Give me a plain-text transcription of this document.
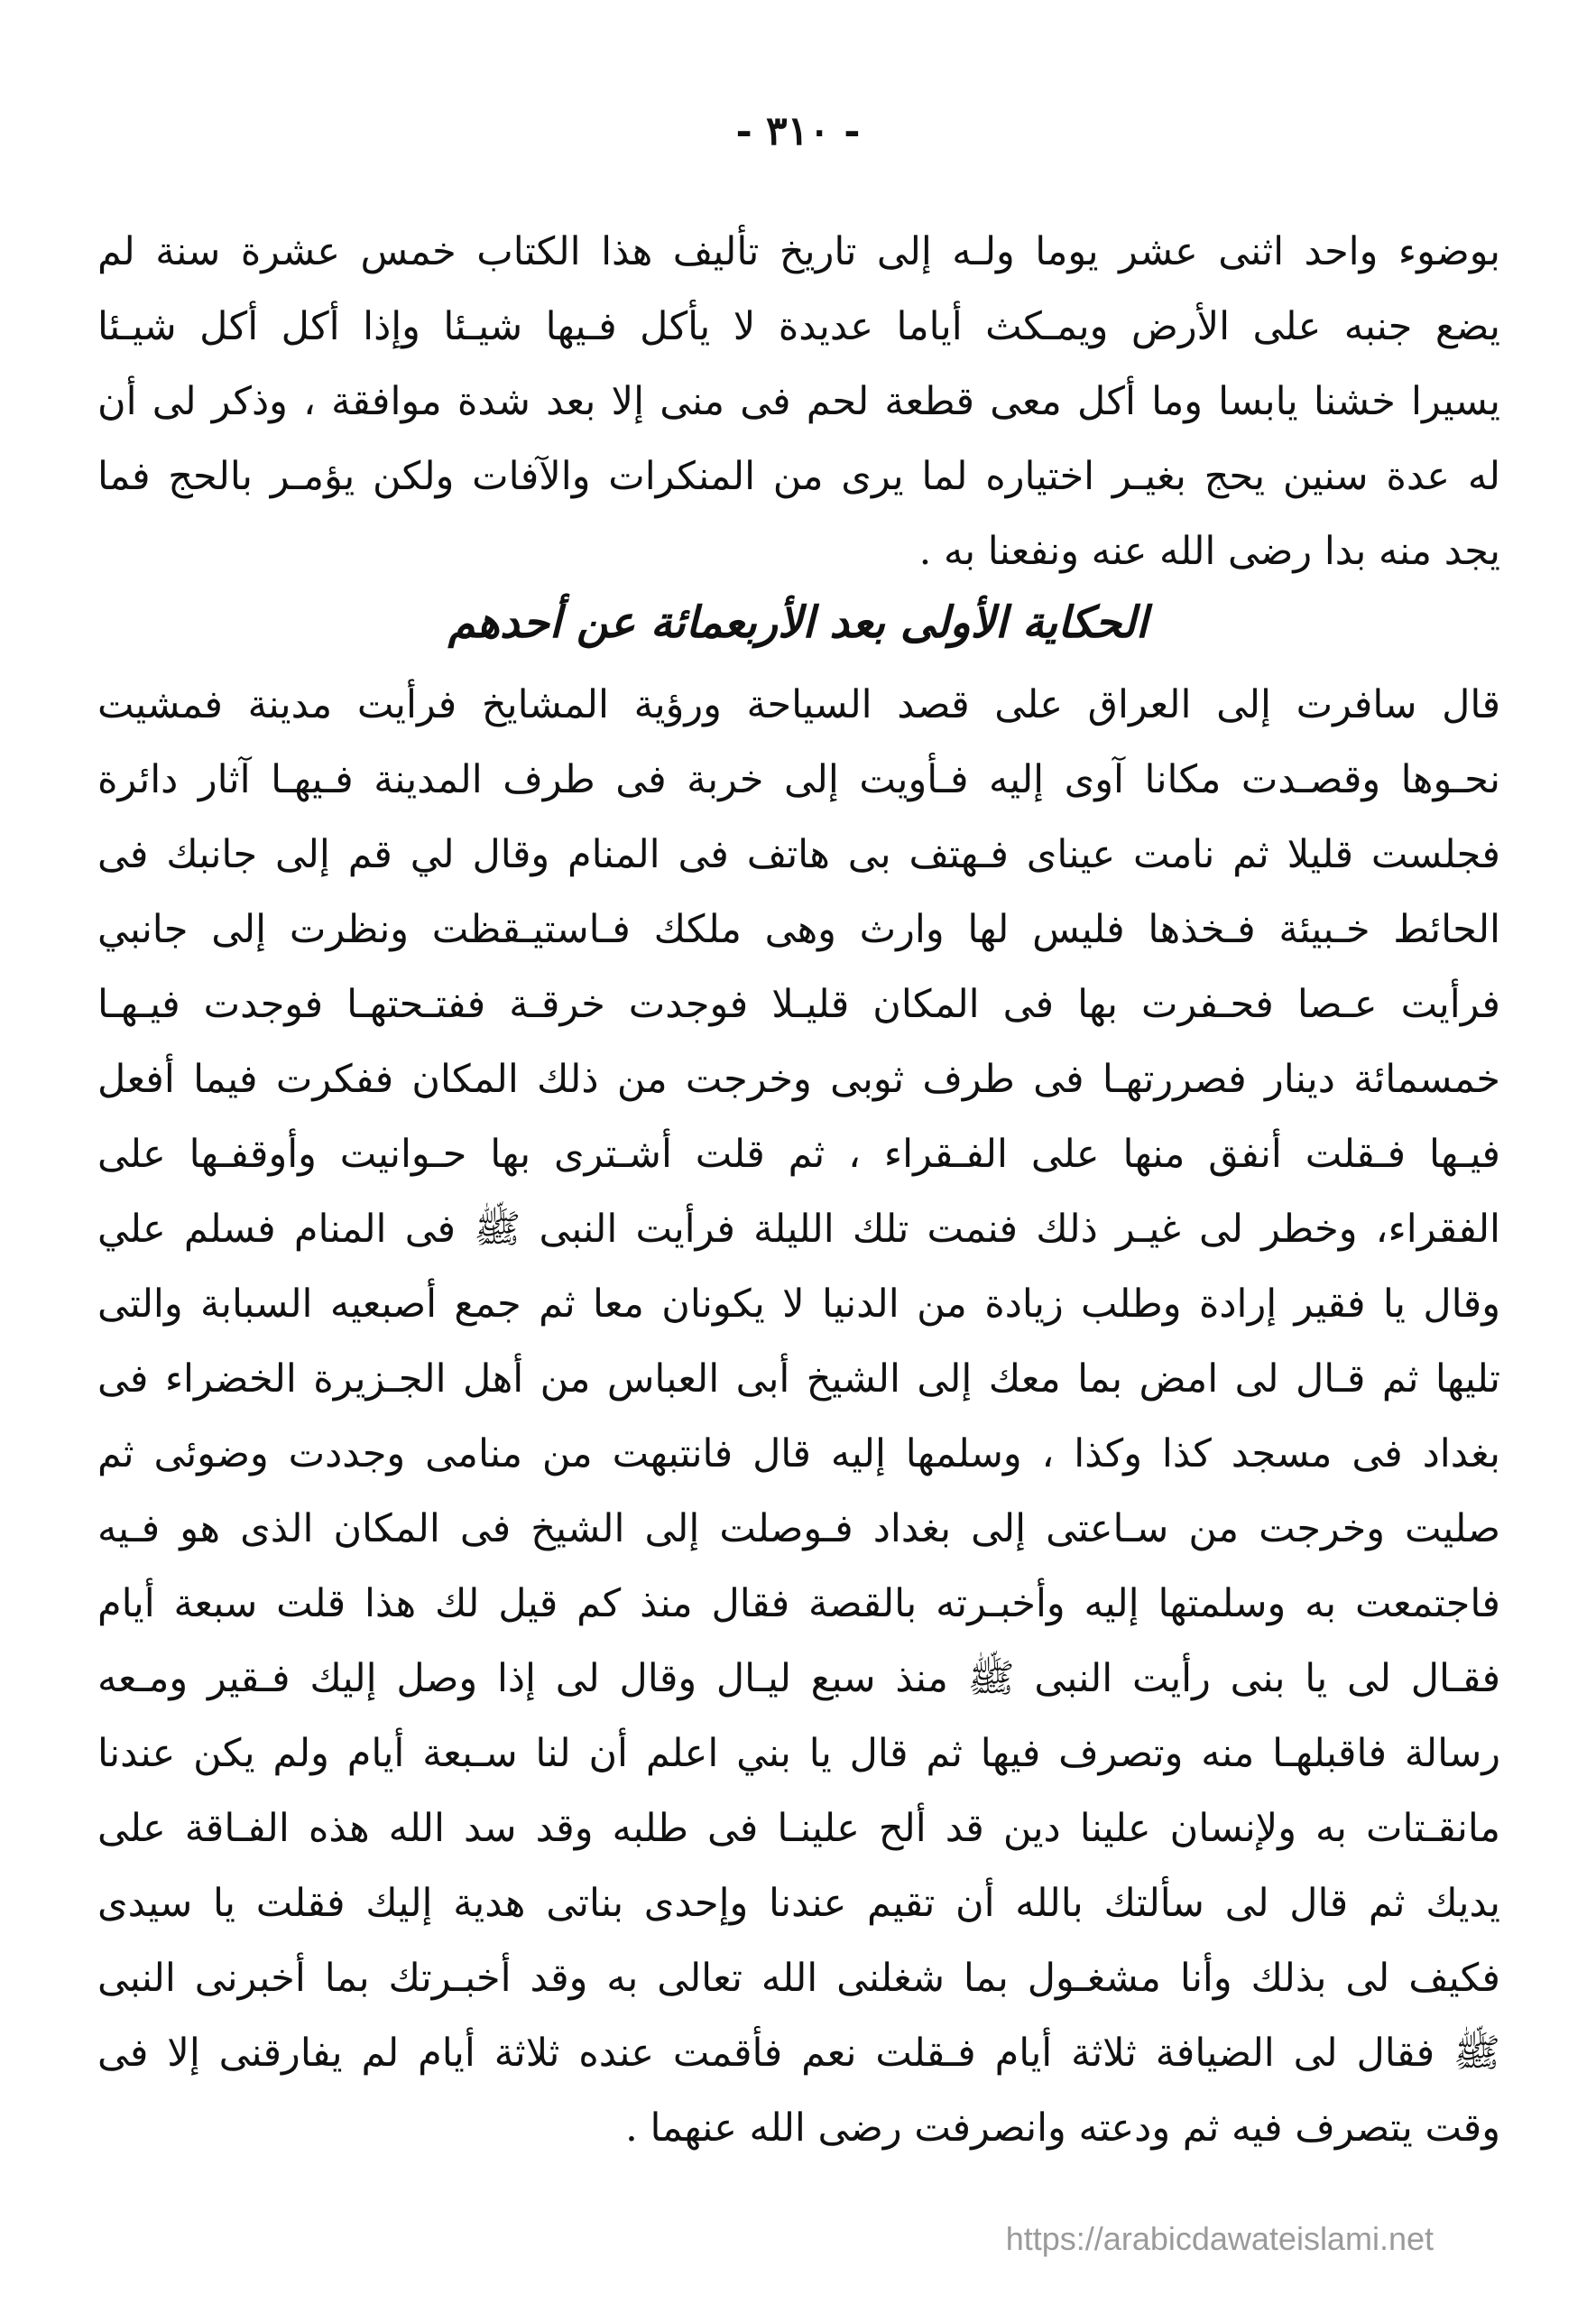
- ٣١٠ -
بوضوء واحد اثنى عشر يوما ولـه إلى تاريخ تأليف هذا الكتاب خمس عشرة سنة لم
يضع جنبه على الأرض ويمـكث أياما عديدة لا يأكل فـيها شيـئا وإذا أكل أكل شيـئا
يسيرا خشنا يابسا وما أكل معى قطعة لحم فى منى إلا بعد شدة موافقة ، وذكر لى أن
له عدة سنين يحج بغيـر اختياره لما يرى من المنكرات والآفات ولكن يؤمـر بالحج فما
يجد منه بدا رضى الله عنه ونفعنا به .
الحكاية الأولى بعد الأربعمائة عن أحدهم
قال سافرت إلى العراق على قصد السياحة ورؤية المشايخ فرأيت مدينة فمشيت
نحـوها وقصـدت مكانا آوى إليه فـأويت إلى خربة فى طرف المدينة فـيهـا آثار دائرة
فجلست قليلا ثم نامت عيناى فـهتف بى هاتف فى المنام وقال لي قم إلى جانبك فى
الحائط خـبيئة فـخذها فليس لها وارث وهى ملكك فـاستيـقظت ونظرت إلى جانبي
فرأيت عـصا فحـفرت بها فى المكان قليـلا فوجدت خرقـة ففتـحتهـا فوجدت فيـهـا
خمسمائة دينار فصررتهـا فى طرف ثوبى وخرجت من ذلك المكان ففكرت فيما أفعل
فيـها فـقلت أنفق منها على الفـقراء ، ثم قلت أشـترى بها حـوانيت وأوقفـها على
الفقراء، وخطر لى غيـر ذلك فنمت تلك الليلة فرأيت النبى ﷺ فى المنام فسلم علي
وقال يا فقير إرادة وطلب زيادة من الدنيا لا يكونان معا ثم جمع أصبعيه السبابة والتى
تليها ثم قـال لى امض بما معك إلى الشيخ أبى العباس من أهل الجـزيرة الخضراء فى
بغداد فى مسجد كذا وكذا ، وسلمها إليه قال فانتبهت من منامى وجددت وضوئى ثم
صليت وخرجت من سـاعتى إلى بغداد فـوصلت إلى الشيخ فى المكان الذى هو فـيه
فاجتمعت به وسلمتها إليه وأخبـرته بالقصة فقال منذ كم قيل لك هذا قلت سبعة أيام
فقـال لى يا بنى رأيت النبى ﷺ منذ سبع ليـال وقال لى إذا وصل إليك فـقير ومـعه
رسالة فاقبلهـا منه وتصرف فيها ثم قال يا بني اعلم أن لنا سـبعة أيام ولم يكن عندنا
مانقـتات به ولإنسان علينا دين قد ألح علينـا فى طلبه وقد سد الله هذه الفـاقة على
يديك ثم قال لى سألتك بالله أن تقيم عندنا وإحدى بناتى هدية إليك فقلت يا سيدى
فكيف لى بذلك وأنا مشغـول بما شغلنى الله تعالى به وقد أخبـرتك بما أخبرنى النبى
ﷺ فقال لى الضيافة ثلاثة أيام فـقلت نعم فأقمت عنده ثلاثة أيام لم يفارقنى إلا فى
وقت يتصرف فيه ثم ودعته وانصرفت رضى الله عنهما .
https://arabicdawateislami.net
